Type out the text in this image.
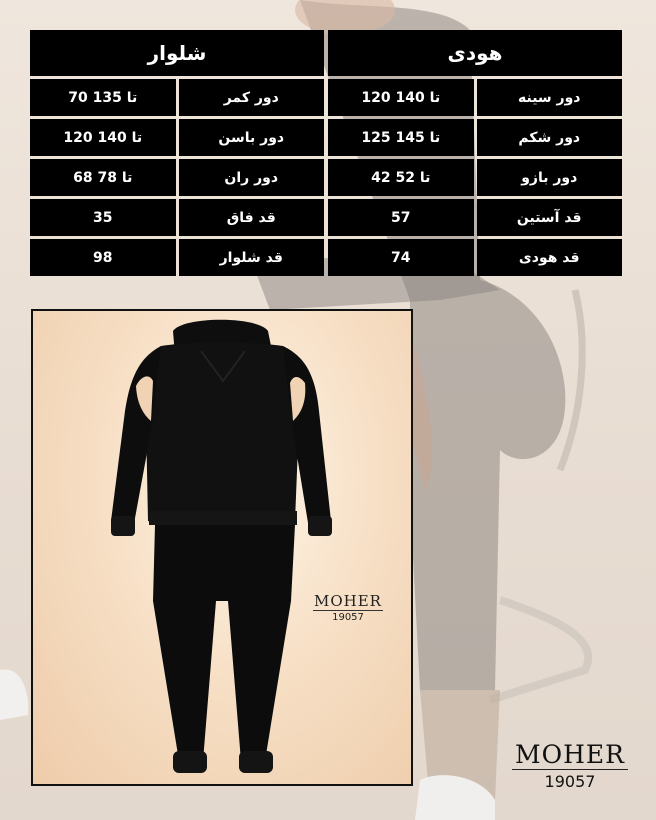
شلوار
70 تا 135	دور کمر
120 تا 140	دور باسن
68 تا 78	دور ران
35	قد فاق
98	قد شلوار
هودی
120 تا 140	دور سینه
125 تا 145	دور شکم
42 تا 52	دور بازو
57	قد آستین
74	قد هودی
MOHER
19057
MOHER
19057
